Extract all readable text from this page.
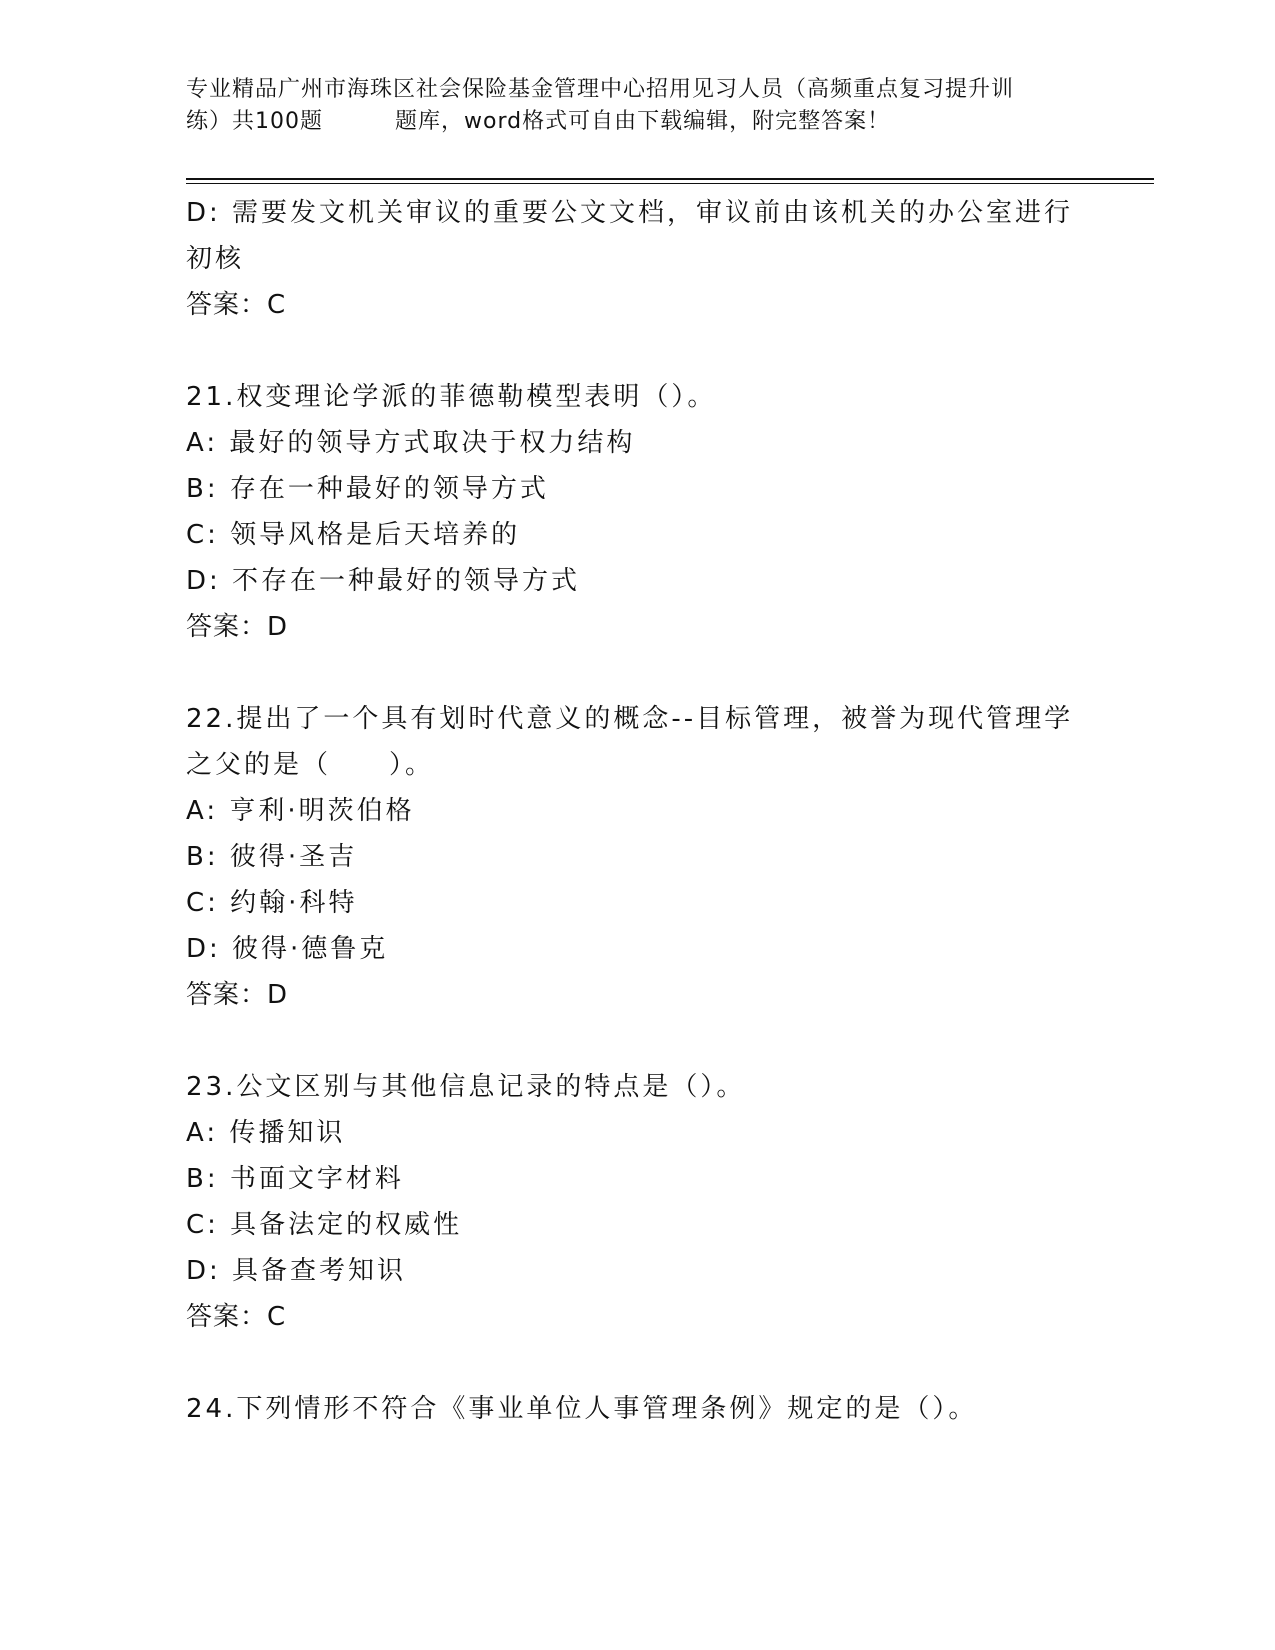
专业精品广州市海珠区社会保险基金管理中心招用见习人员（高频重点复习提升训
练）共100题	题库，word格式可自由下载编辑，附完整答案！
D: 需要发文机关审议的重要公文文档，审议前由该机关的办公室进行
初核
答案：C
21.权变理论学派的菲德勒模型表明（）。
A: 最好的领导方式取决于权力结构
B: 存在一种最好的领导方式
C: 领导风格是后天培养的
D: 不存在一种最好的领导方式
答案：D
22.提出了一个具有划时代意义的概念--目标管理，被誉为现代管理学
之父的是（　　）。
A: 亨利·明茨伯格
B: 彼得·圣吉
C: 约翰·科特
D: 彼得·德鲁克
答案：D
23.公文区别与其他信息记录的特点是（）。
A: 传播知识
B: 书面文字材料
C: 具备法定的权威性
D: 具备查考知识
答案：C
24.下列情形不符合《事业单位人事管理条例》规定的是（）。
